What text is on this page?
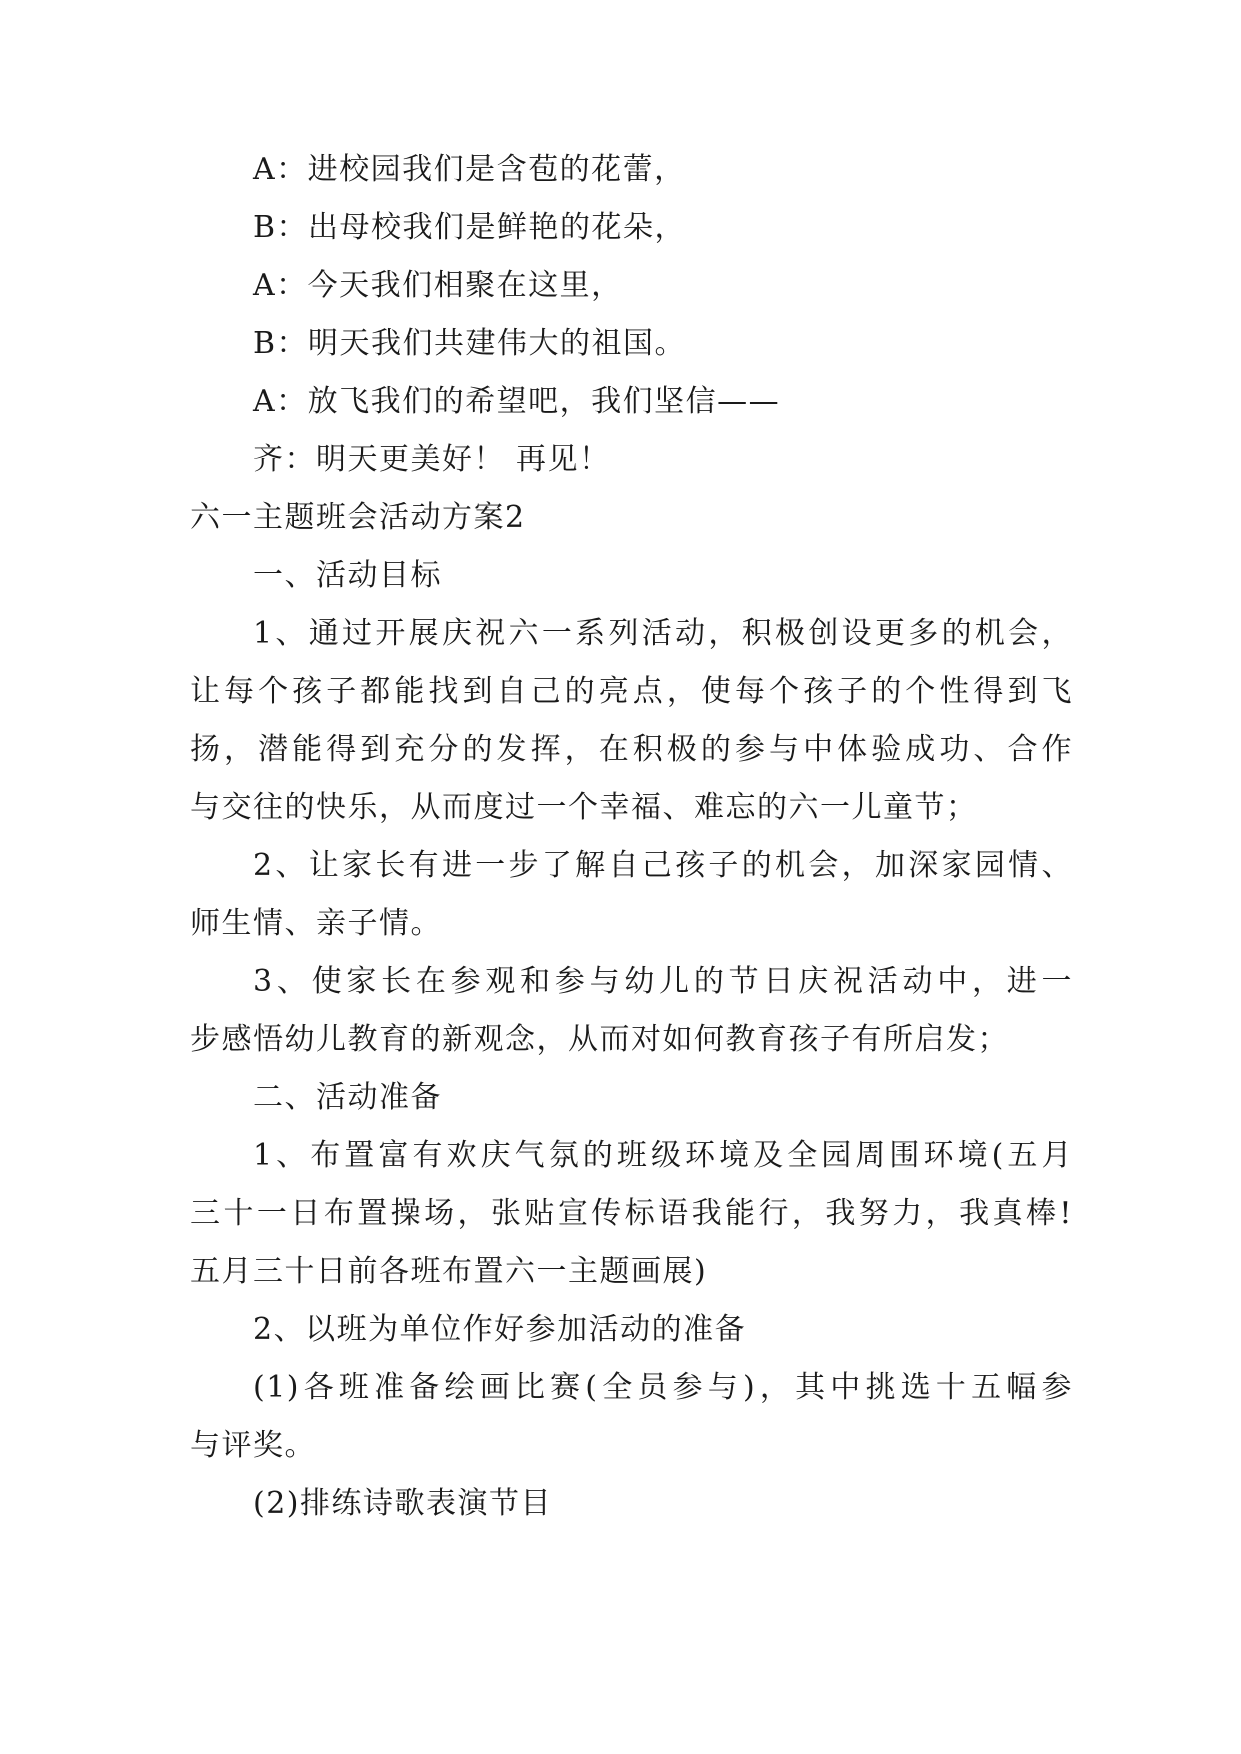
A：进校园我们是含苞的花蕾，
B：出母校我们是鲜艳的花朵，
A：今天我们相聚在这里，
B：明天我们共建伟大的祖国。
A：放飞我们的希望吧，我们坚信——
齐：明天更美好！ 再见！
六一主题班会活动方案2
一、活动目标
1、通过开展庆祝六一系列活动，积极创设更多的机会，
让每个孩子都能找到自己的亮点，使每个孩子的个性得到飞
扬，潜能得到充分的发挥，在积极的参与中体验成功、合作
与交往的快乐，从而度过一个幸福、难忘的六一儿童节；
2、让家长有进一步了解自己孩子的机会，加深家园情、
师生情、亲子情。
3、使家长在参观和参与幼儿的节日庆祝活动中，进一
步感悟幼儿教育的新观念，从而对如何教育孩子有所启发；
二、活动准备
1、布置富有欢庆气氛的班级环境及全园周围环境(五月
三十一日布置操场，张贴宣传标语我能行，我努力，我真棒!
五月三十日前各班布置六一主题画展)
2、以班为单位作好参加活动的准备
(1)各班准备绘画比赛(全员参与)，其中挑选十五幅参
与评奖。
(2)排练诗歌表演节目
